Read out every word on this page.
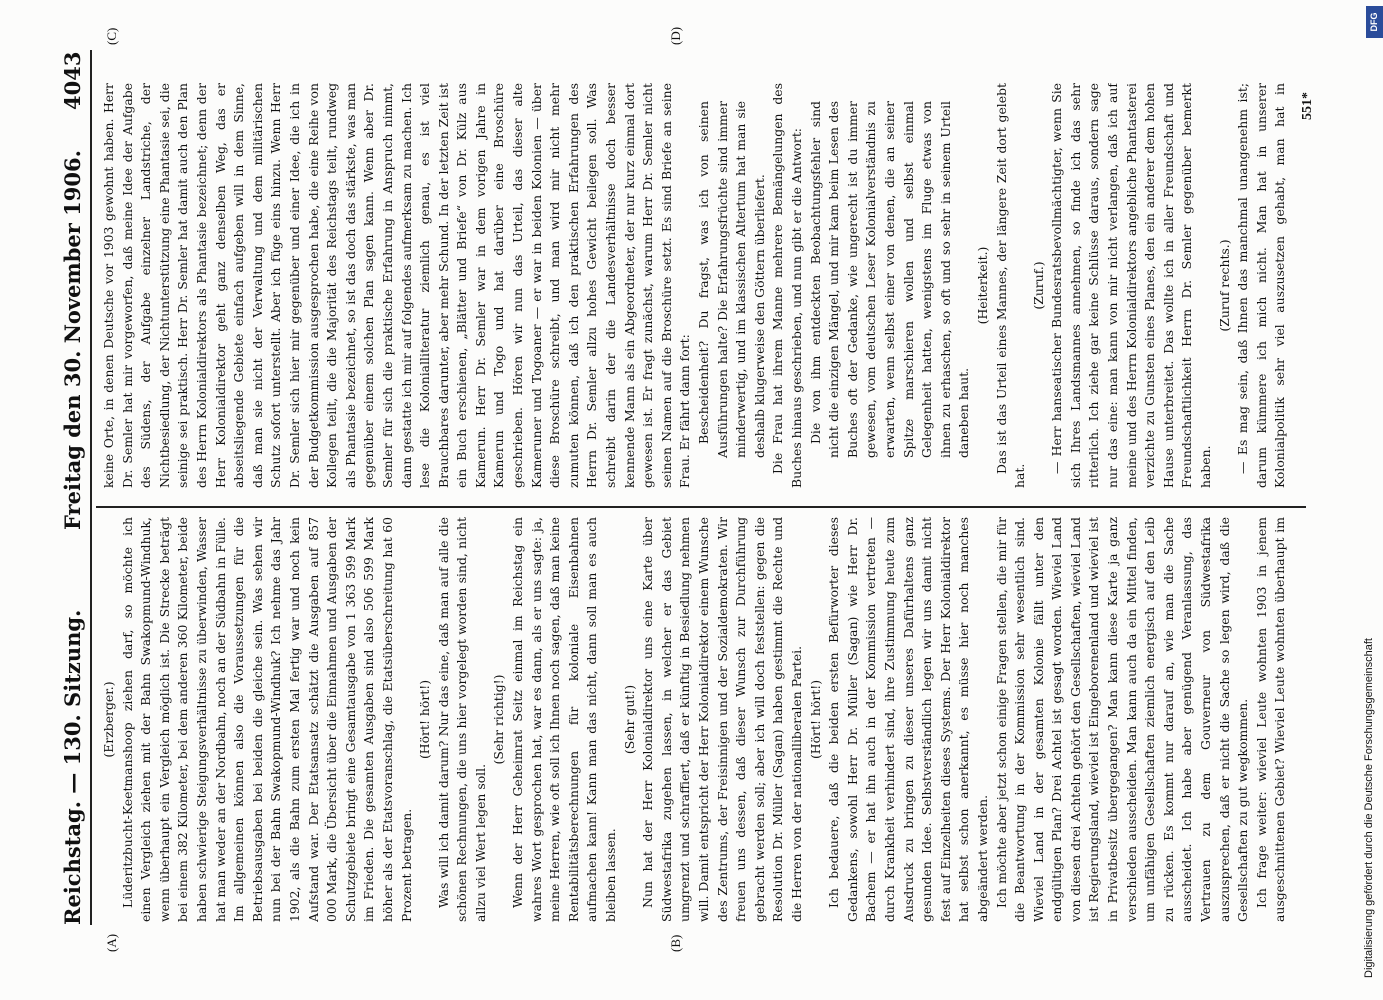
Reichstag. — 130. Sitzung.
Freitag den 30. November 1906.
4043
(A)	(B)
(C)	(D)

(Erzberger.) Lüderitzbucht-Keetmanshoop ziehen darf, so möchte ich einen Vergleich ziehen mit der Bahn Swakopmund-Windhuk, wenn überhaupt ein Vergleich möglich ist. Die Strecke beträgt bei einem 382 Kilometer, bei dem anderen 360 Kilometer, beide haben schwierige Steigungsverhältnisse zu überwinden, Wasser hat man weder an der Nordbahn, noch an der Südbahn in Fülle. Im allgemeinen können also die Voraussetzungen für die Betriebsausgaben bei beiden die gleiche sein. Was sehen wir nun bei der Bahn Swakopmund-Windhuk? Ich nehme das Jahr 1902, als die Bahn zum ersten Mal fertig war und noch kein Aufstand war. Der Etatsansatz schätzt die Ausgaben auf 857 000 Mark, die Übersicht über die Einnahmen und Ausgaben der Schutzgebiete bringt eine Gesamtausgabe von 1 363 599 Mark im Frieden. Die gesamten Ausgaben sind also 506 599 Mark höher als der Etatsvoranschlag, die Etatsüberschreitung hat 60 Prozent betragen.

(Hört! hört!) Was will ich damit darum? Nur das eine, daß man auf alle die schönen Rechnungen, die uns hier vorgelegt worden sind, nicht allzu viel Wert legen soll.

(Sehr richtig!) Wenn der Herr Geheimrat Seitz einmal im Reichstag ein wahres Wort gesprochen hat, war es dann, als er uns sagte: ja, meine Herren, wie oft soll ich Ihnen noch sagen, daß man keine Rentabilitätsberechnungen für koloniale Eisenbahnen aufmachen kann! Kann man das nicht, dann soll man es auch bleiben lassen.

(Sehr gut!) Nun hat der Herr Kolonialdirektor uns eine Karte über Südwestafrika zugehen lassen, in welcher er das Gebiet umgrenzt und schraffiert, daß er künftig in Besiedlung nehmen will. Damit entspricht der Herr Kolonialdirektor einem Wunsche des Zentrums, der Freisinnigen und der Sozialdemokraten. Wir freuen uns dessen, daß dieser Wunsch zur Durchführung gebracht werden soll; aber ich will doch feststellen: gegen die Resolution Dr. Müller (Sagan) haben gestimmt die Rechte und die Herren von der nationalliberalen Partei. (Hört! hört!) Ich bedauere, daß die beiden ersten Befürworter dieses Gedankens, sowohl Herr Dr. Müller (Sagan) wie Herr Dr. Bachem — er hat ihn auch in der Kommission vertreten — durch Krankheit verhindert sind, ihre Zustimmung heute zum Ausdruck zu bringen zu dieser unseres Dafürhaltens ganz gesunden Idee. Selbstverständlich legen wir uns damit nicht fest auf Einzelheiten dieses Systems. Der Herr Kolonialdirektor hat selbst schon anerkannt, es müsse hier noch manches abgeändert werden. Ich möchte aber jetzt schon einige Fragen stellen, die mir für die Beantwortung in der Kommission sehr wesentlich sind. Wieviel Land in der gesamten Kolonie fällt unter den endgültigen Plan? Drei Achtel ist gesagt worden. Wieviel Land von diesen drei Achteln gehört den Gesellschaften, wieviel Land ist Regierungsland, wieviel ist Eingeborenenland und wieviel ist in Privatbesitz übergegangen? Man kann diese Karte ja ganz verschieden ausscheiden. Man kann auch da ein Mittel finden, um unfähigen Gesellschaften ziemlich energisch auf den Leib zu rücken. Es kommt nur darauf an, wie man die Sache ausscheidet. Ich habe aber genügend Veranlassung, das Vertrauen zu dem Gouverneur von Südwestafrika auszusprechen, daß er nicht die Sache so legen wird, daß die Gesellschaften zu gut wegkommen. Ich frage weiter: wieviel Leute wohnten 1903 in jenem ausgeschnittenen Gebiet? Wieviel Leute wohnten überhaupt im

keine Orte, in denen Deutsche vor 1903 gewohnt haben. Herr Dr. Semler hat mir vorgeworfen, daß meine Idee der Aufgabe des Südens, der Aufgabe einzelner Landstriche, der Nichtbesiedlung, der Nichtunterstützung eine Phantasie sei, die seinige sei praktisch. Herr Dr. Semler hat damit auch den Plan des Herrn Kolonialdirektors als Phantasie bezeichnet; denn der Herr Kolonialdirektor geht ganz denselben Weg, das er abseitsliegende Gebiete einfach aufgeben will in dem Sinne, daß man sie nicht der Verwaltung und dem militärischen Schutz sofort unterstellt. Aber ich füge eins hinzu. Wenn Herr Dr. Semler sich hier mir gegenüber und einer Idee, die ich in der Budgetkommission ausgesprochen habe, die eine Reihe von Kollegen teilt, die die Majorität des Reichstags teilt, rundweg als Phantasie bezeichnet, so ist das doch das stärkste, was man gegenüber einem solchen Plan sagen kann. Wenn aber Dr. Semler für sich die praktische Erfahrung in Anspruch nimmt, dann gestatte ich mir auf folgendes aufmerksam zu machen. Ich lese die Kolonialliteratur ziemlich genau, es ist viel Brauchbares darunter, aber mehr Schund. In der letzten Zeit ist ein Buch erschienen, „Blätter und Briefe“ von Dr. Külz aus Kamerun. Herr Dr. Semler war in dem vorigen Jahre in Kamerun und Togo und hat darüber eine Broschüre geschrieben. Hören wir nun das Urteil, das dieser alte Kameruner und Togoaner — er war in beiden Kolonien — über diese Broschüre schreibt, und man wird mir nicht mehr zumuten können, daß ich den praktischen Erfahrungen des Herrn Dr. Semler allzu hohes Gewicht beilegen soll. Was schreibt darin der die Landesverhältnisse doch besser kennende Mann als ein Abgeordneter, der nur kurz einmal dort gewesen ist. Er fragt zunächst, warum Herr Dr. Semler nicht seinen Namen auf die Broschüre setzt. Es sind Briefe an seine Frau. Er fährt dann fort: Bescheidenheit? Du fragst, was ich von seinen Ausführungen halte? Die Erfahrungsfrüchte sind immer minderwertig, und im klassischen Altertum hat man sie deshalb klugerweise den Göttern überliefert. Die Frau hat ihrem Manne mehrere Bemängelungen des Buches hinaus geschrieben, und nun gibt er die Antwort: Die von ihm entdeckten Beobachtungsfehler sind nicht die einzigen Mängel, und mir kam beim Lesen des Buches oft der Gedanke, wie ungerecht ist du immer gewesen, vom deutschen Leser Kolonialverständnis zu erwarten, wenn selbst einer von denen, die an seiner Spitze marschieren wollen und selbst einmal Gelegenheit hatten, wenigstens im Fluge etwas von ihnen zu erhaschen, so oft und so sehr in seinem Urteil daneben haut.

(Heiterkeit.) Das ist das Urteil eines Mannes, der längere Zeit dort gelebt hat.

(Zuruf.) — Herr hanseatischer Bundesratsbevollmächtigter, wenn Sie sich Ihres Landsmannes annehmen, so finde ich das sehr ritterlich. Ich ziehe gar keine Schlüsse daraus, sondern sage nur das eine: man kann von mir nicht verlangen, daß ich auf meine und des Herrn Kolonialdirektors angebliche Phantasterei verzichte zu Gunsten eines Planes, den ein anderer dem hohen Hause unterbreitet. Das wollte ich in aller Freundschaft und Freundschaftlichkeit Herrn Dr. Semler gegenüber bemerkt haben.

(Zuruf rechts.)

— Es mag sein, daß Ihnen das manchmal unangenehm ist; darum kümmere ich mich nicht. Man hat in unserer Kolonialpolitik sehr viel auszusetzen gehabt, man hat in

551*
Digitalisierung gefördert durch die Deutsche Forschungsgemeinschaft
DFG
